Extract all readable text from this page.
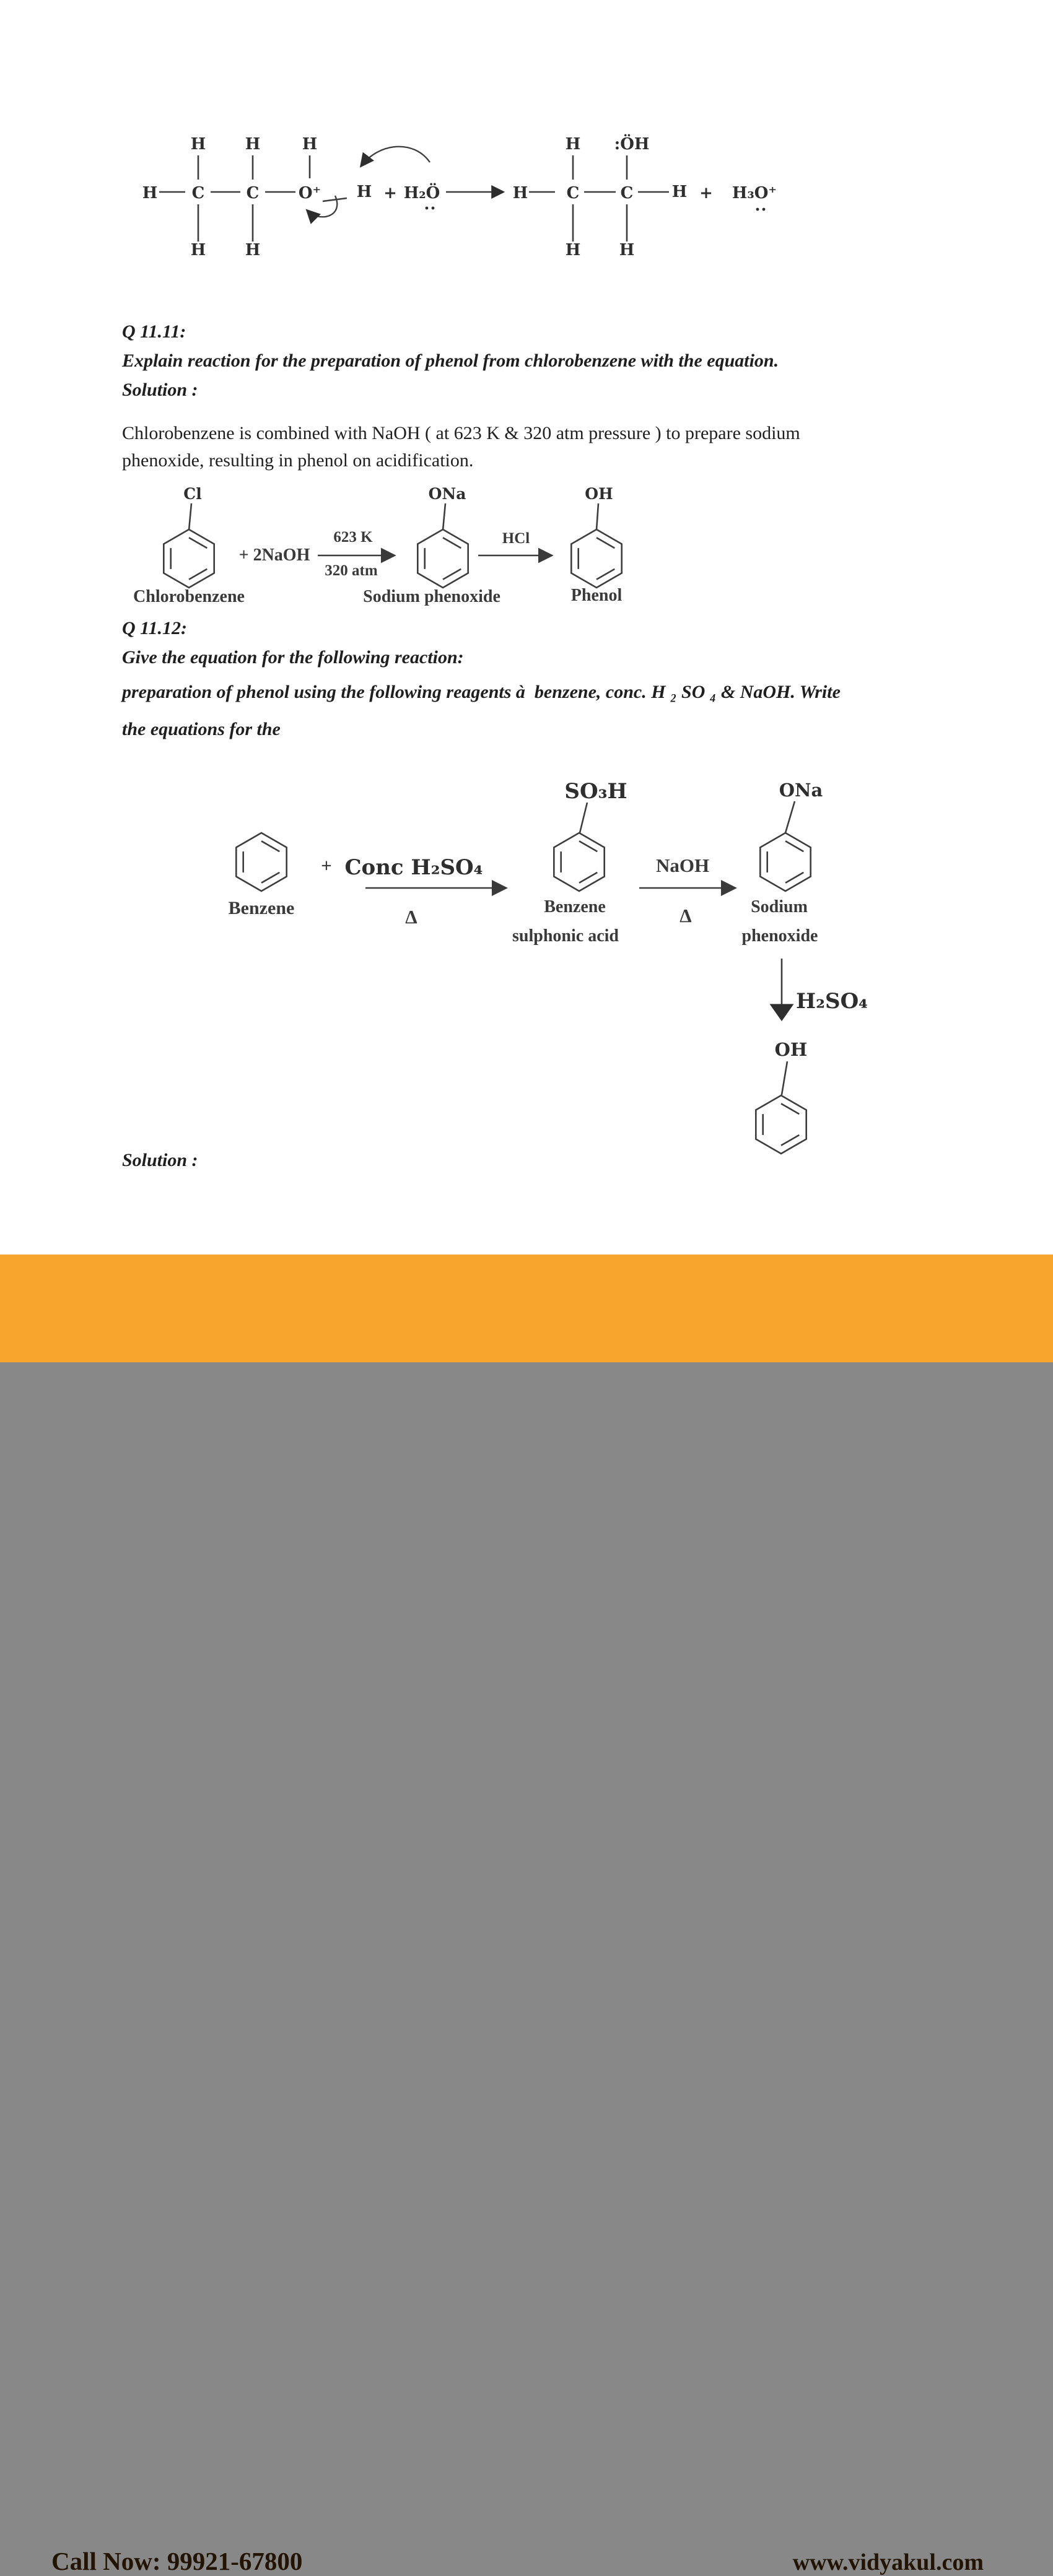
H H	H
H C	C O⁺ H
H H
+ H₂Ö
H :ÖH
H C	C H
H H
+ H₃O⁺
Q 11.11:
Explain reaction for the preparation of phenol from chlorobenzene with the equation.
Solution :
Chlorobenzene is combined with NaOH ( at 623 K & 320 atm pressure ) to prepare sodium
phenoxide, resulting in phenol on acidification.
Cl
Chlorobenzene
+ 2NaOH
623 K
320 atm
ONa
Sodium phenoxide
HCl
OH
Phenol
Q 11.12:
Give the equation for the following reaction:
preparation of phenol using the following reagents à  benzene, conc. H ₂ SO ₄ & NaOH. Write
the equations for the
Benzene
+ Conc H₂SO₄
Δ
SO₃H
Benzene
sulphonic acid
NaOH
Δ
ONa
Sodium
phenoxide
H₂SO₄
OH
Solution :
Call Now: 99921-67800	www.vidyakul.com
